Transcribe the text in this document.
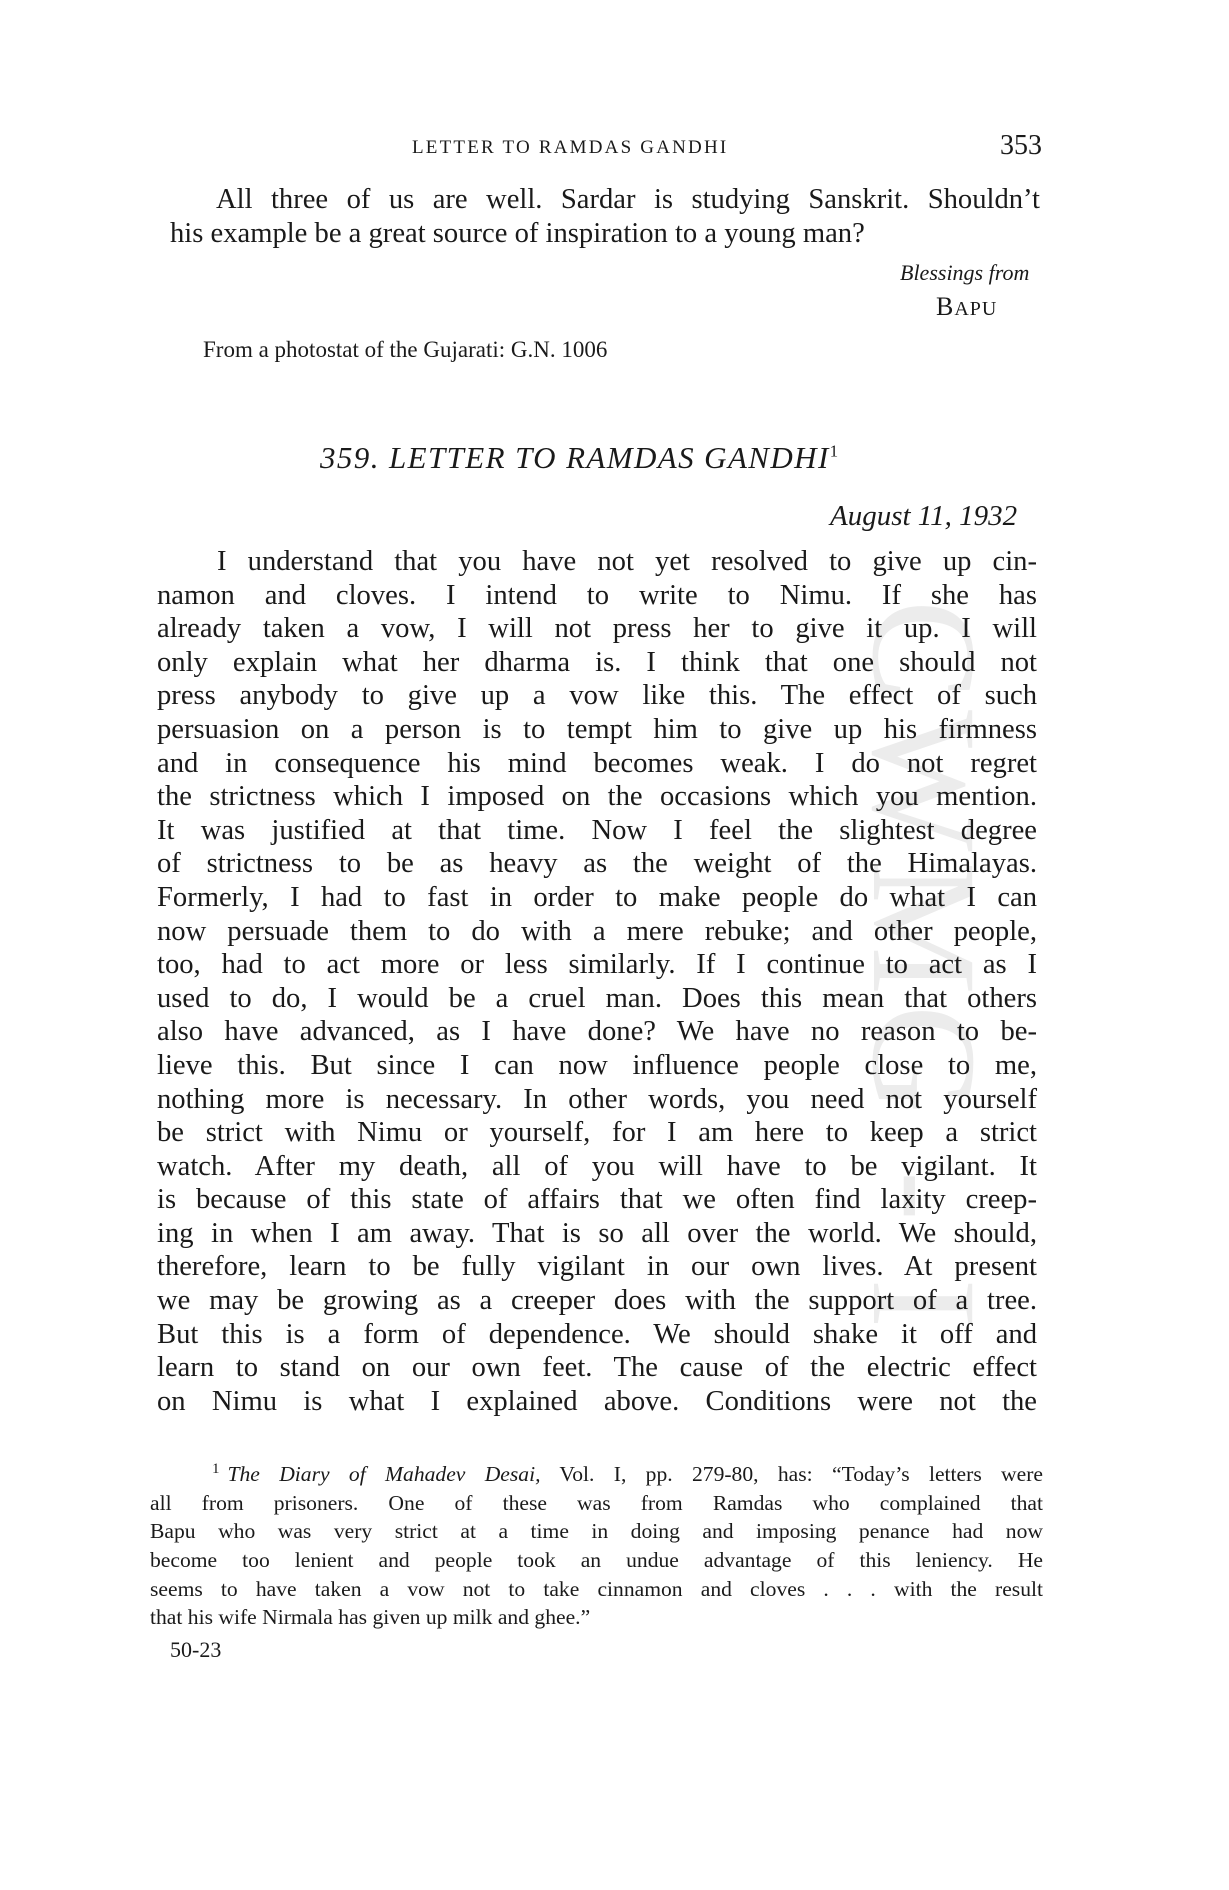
CWMG - I
LETTER TO RAMDAS GANDHI	353

All three of us are well. Sardar is studying Sanskrit. Shouldn’t
his example be a great source of inspiration to a young man?

Blessings from
BAPU
From a photostat of the Gujarati: G.N. 1006
359. LETTER TO RAMDAS GANDHI$^1$
August 11, 1932

I understand that you have not yet resolved to give up cin-
namon and cloves. I intend to write to Nimu. If she has
already taken a vow, I will not press her to give it up. I will
only explain what her dharma is. I think that one should not
press anybody to give up a vow like this. The effect of such
persuasion on a person is to tempt him to give up his firmness
and in consequence his mind becomes weak. I do not regret
the strictness which I imposed on the occasions which you mention.
It was justified at that time. Now I feel the slightest degree
of strictness to be as heavy as the weight of the Himalayas.
Formerly, I had to fast in order to make people do what I can
now persuade them to do with a mere rebuke; and other people,
too, had to act more or less similarly. If I continue to act as I
used to do, I would be a cruel man. Does this mean that others
also have advanced, as I have done? We have no reason to be-
lieve this. But since I can now influence people close to me,
nothing more is necessary. In other words, you need not yourself
be strict with Nimu or yourself, for I am here to keep a strict
watch. After my death, all of you will have to be vigilant. It
is because of this state of affairs that we often find laxity creep-
ing in when I am away. That is so all over the world. We should,
therefore, learn to be fully vigilant in our own lives. At present
we may be growing as a creeper does with the support of a tree.
But this is a form of dependence. We should shake it off and
learn to stand on our own feet. The cause of the electric effect
on Nimu is what I explained above. Conditions were not the

$^1$ The Diary of Mahadev Desai, Vol. I, pp. 279-80, has: “Today’s letters were
all from prisoners. One of these was from Ramdas who complained that
Bapu who was very strict at a time in doing and imposing penance had now
become too lenient and people took an undue advantage of this leniency. He
seems to have taken a vow not to take cinnamon and cloves . . . with the result
that his wife Nirmala has given up milk and ghee.”

50-23
